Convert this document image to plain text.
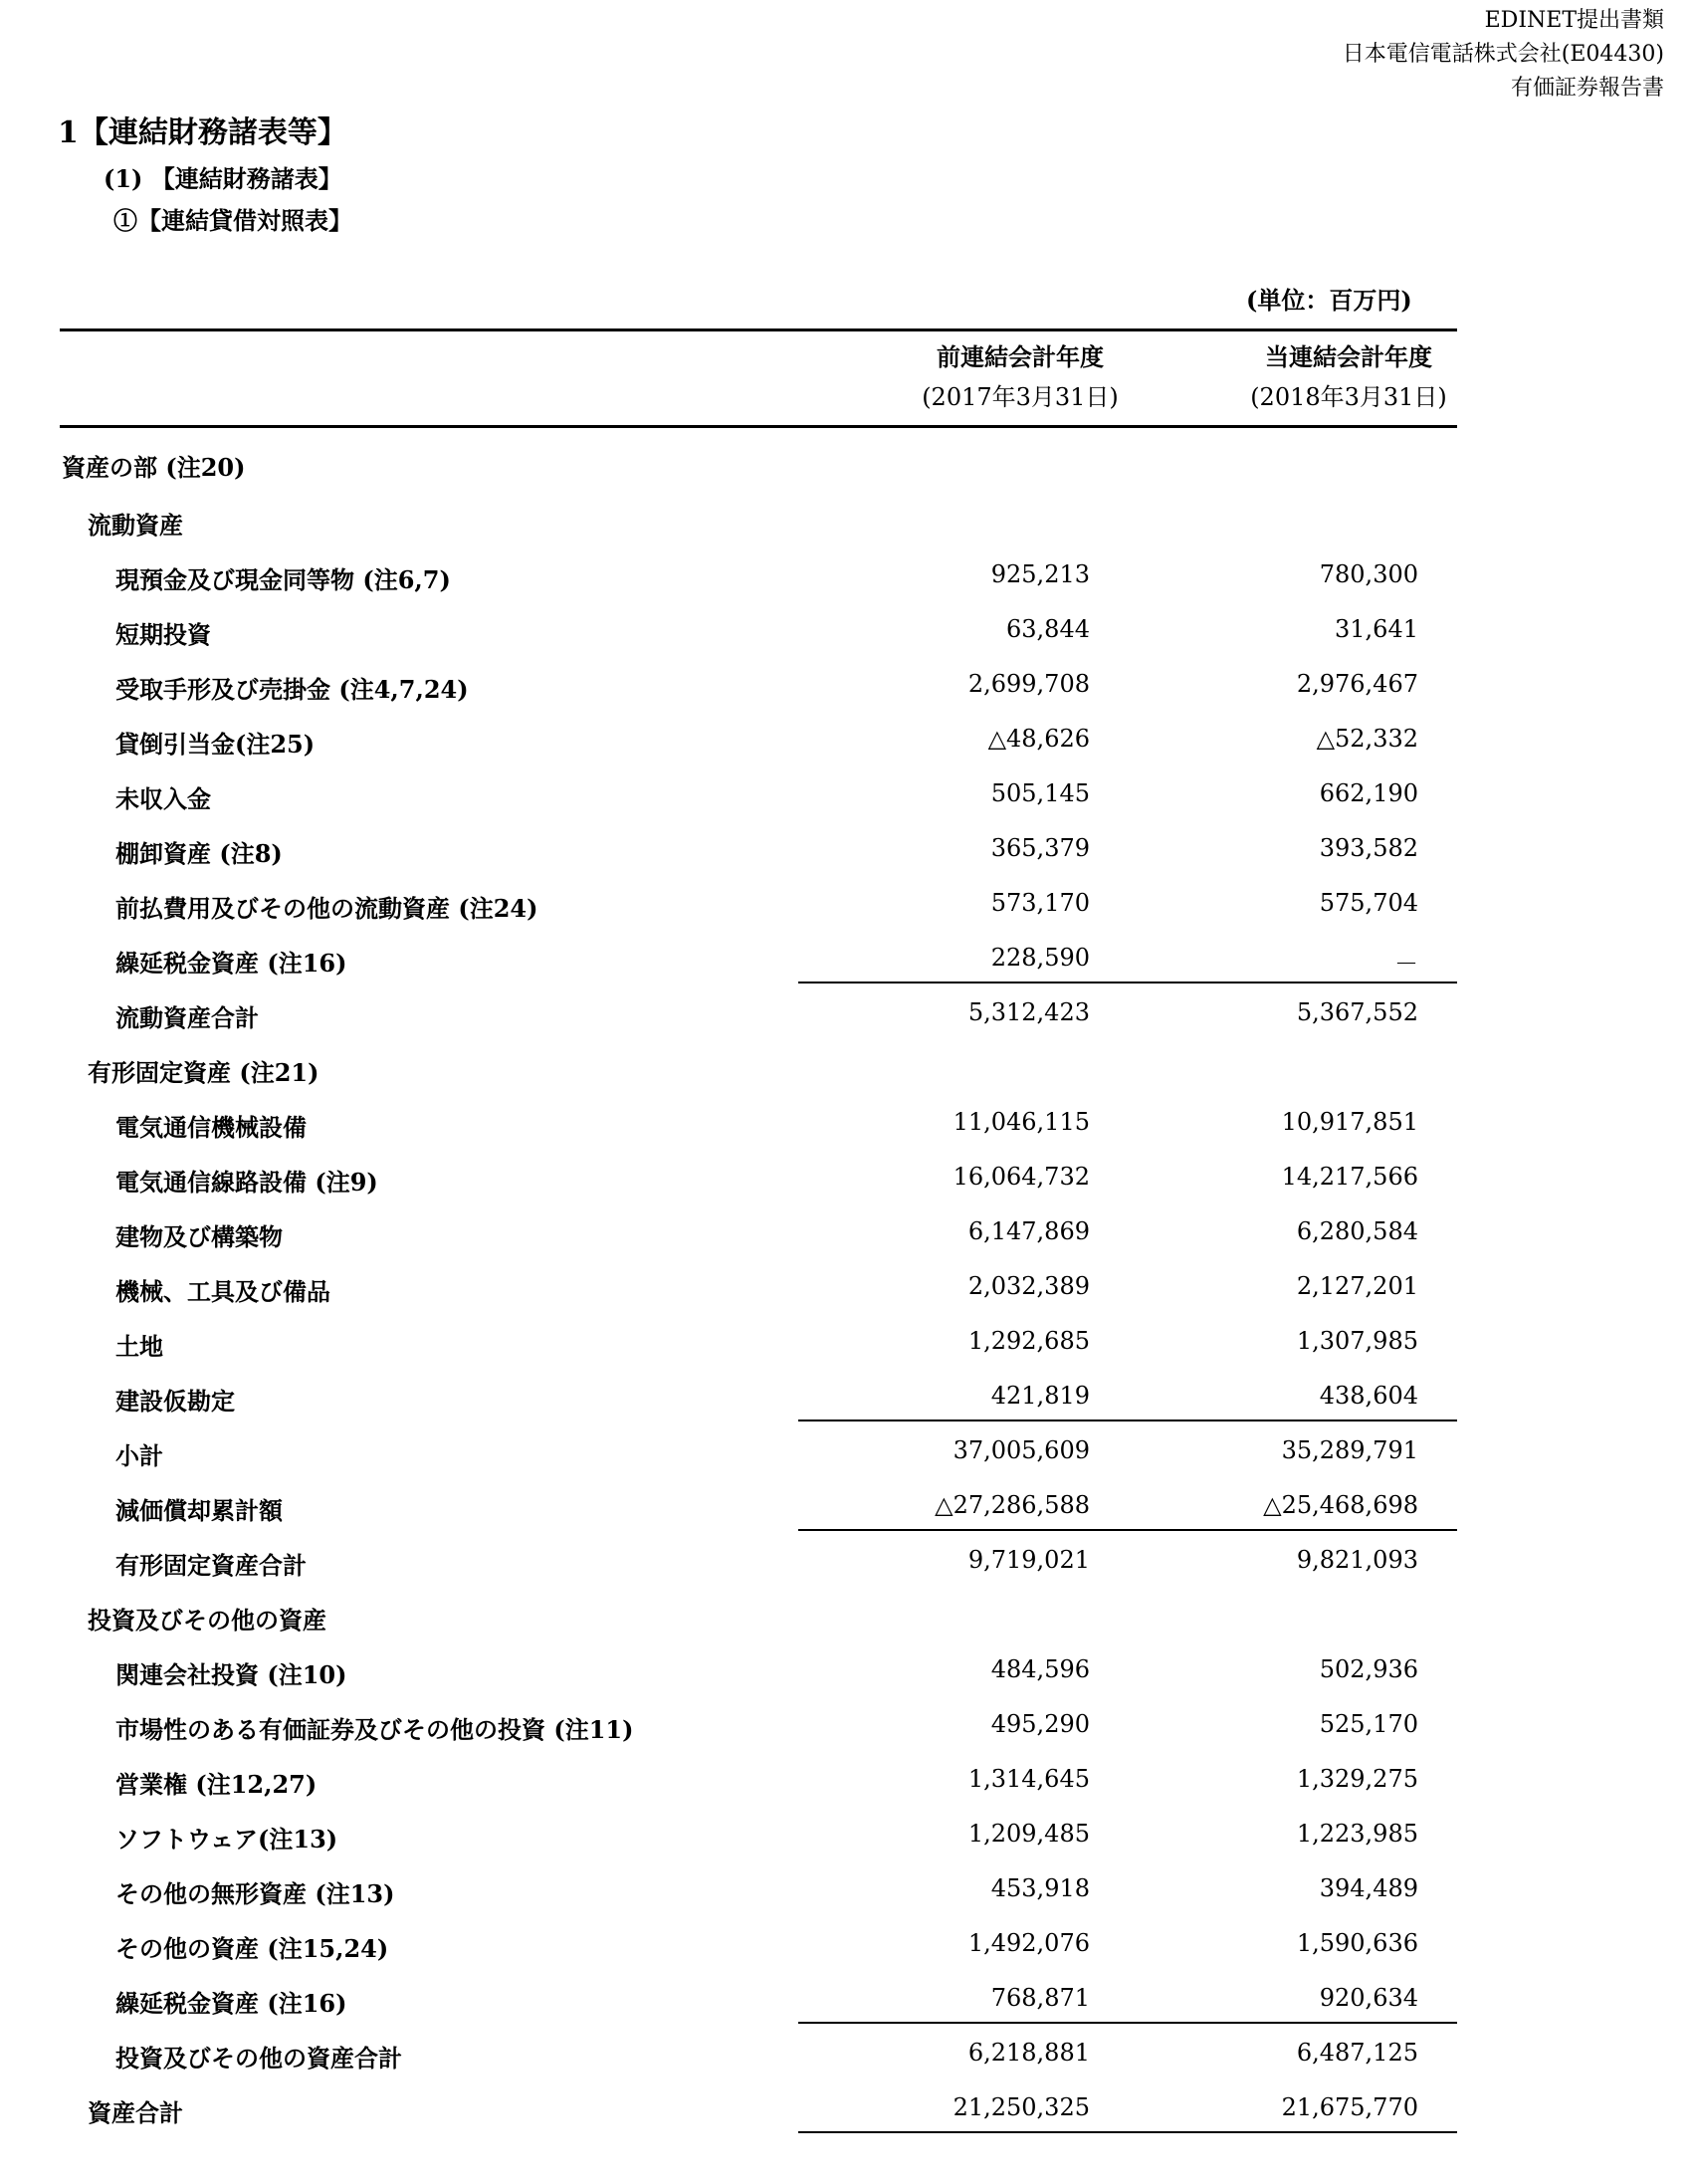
EDINET提出書類
日本電信電話株式会社(E04430)
有価証券報告書
1【連結財務諸表等】
(1) 【連結財務諸表】
①【連結貸借対照表】
(単位：百万円)
前連結会計年度
(2017年3月31日)
当連結会計年度
(2018年3月31日)
資産の部 (注20)
流動資産
現預金及び現金同等物 (注6,7)	925,213	780,300
短期投資	63,844	31,641
受取手形及び売掛金 (注4,7,24)	2,699,708	2,976,467
貸倒引当金(注25)	△48,626	△52,332
未収入金	505,145	662,190
棚卸資産 (注8)	365,379	393,582
前払費用及びその他の流動資産 (注24)	573,170	575,704
繰延税金資産 (注16)	228,590	－
流動資産合計	5,312,423	5,367,552
有形固定資産 (注21)
電気通信機械設備	11,046,115	10,917,851
電気通信線路設備 (注9)	16,064,732	14,217,566
建物及び構築物	6,147,869	6,280,584
機械、工具及び備品	2,032,389	2,127,201
土地	1,292,685	1,307,985
建設仮勘定	421,819	438,604
小計	37,005,609	35,289,791
減価償却累計額	△27,286,588	△25,468,698
有形固定資産合計	9,719,021	9,821,093
投資及びその他の資産
関連会社投資 (注10)	484,596	502,936
市場性のある有価証券及びその他の投資 (注11)	495,290	525,170
営業権 (注12,27)	1,314,645	1,329,275
ソフトウェア(注13)	1,209,485	1,223,985
その他の無形資産 (注13)	453,918	394,489
その他の資産 (注15,24)	1,492,076	1,590,636
繰延税金資産 (注16)	768,871	920,634
投資及びその他の資産合計	6,218,881	6,487,125
資産合計	21,250,325	21,675,770
